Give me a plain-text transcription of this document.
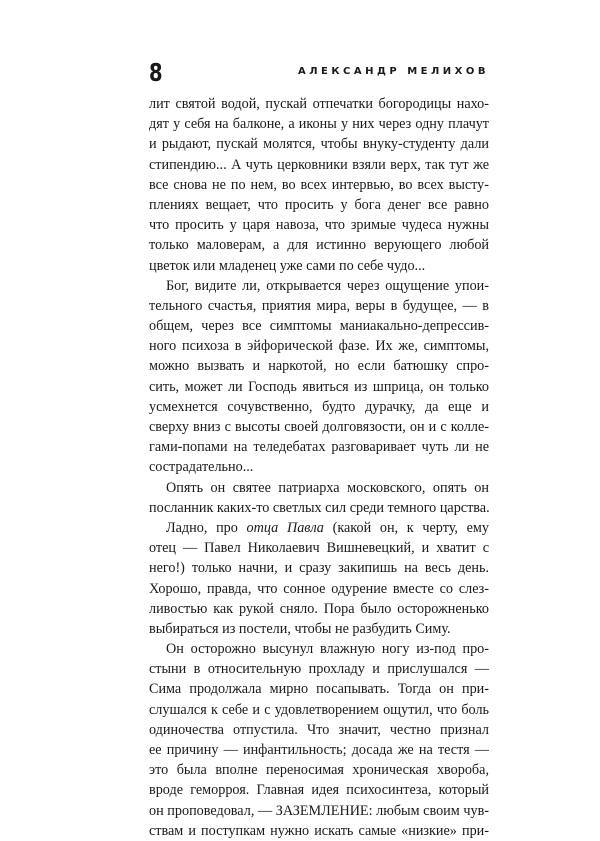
8	АЛЕКСАНДР МЕЛИХОВ
лит святой водой, пускай отпечатки богородицы нахо-
дят у себя на балконе, а иконы у них через одну плачут
и рыдают, пускай молятся, чтобы внуку-студенту дали
стипендию... А чуть церковники взяли верх, так тут же
все снова не по нем, во всех интервью, во всех высту-
плениях вещает, что просить у бога денег все равно
что просить у царя навоза, что зримые чудеса нужны
только маловерам, а для истинно верующего любой
цветок или младенец уже сами по себе чудо...
Бог, видите ли, открывается через ощущение упои-
тельного счастья, приятия мира, веры в будущее, — в
общем, через все симптомы маниакально-депрессив-
ного психоза в эйфорической фазе. Их же, симптомы,
можно вызвать и наркотой, но если батюшку спро-
сить, может ли Господь явиться из шприца, он только
усмехнется сочувственно, будто дурачку, да еще и
сверху вниз с высоты своей долговязости, он и с колле-
гами-попами на теледебатах разговаривает чуть ли не
сострадательно...
Опять он святее патриарха московского, опять он
посланник каких-то светлых сил среди темного царства.
Ладно, про отца Павла (какой он, к черту, ему
отец — Павел Николаевич Вишневецкий, и хватит с
него!) только начни, и сразу закипишь на весь день.
Хорошо, правда, что сонное одурение вместе со слез-
ливостью как рукой сняло. Пора было осторожненько
выбираться из постели, чтобы не разбудить Симу.
Он осторожно высунул влажную ногу из-под про-
стыни в относительную прохладу и прислушался —
Сима продолжала мирно посапывать. Тогда он при-
слушался к себе и с удовлетворением ощутил, что боль
одиночества отпустила. Что значит, честно признал
ее причину — инфантильность; досада же на тестя —
это была вполне переносимая хроническая хвороба,
вроде геморроя. Главная идея психосинтеза, который
он проповедовал, — ЗАЗЕМЛЕНИЕ: любым своим чув-
ствам и поступкам нужно искать самые «низкие» при-
